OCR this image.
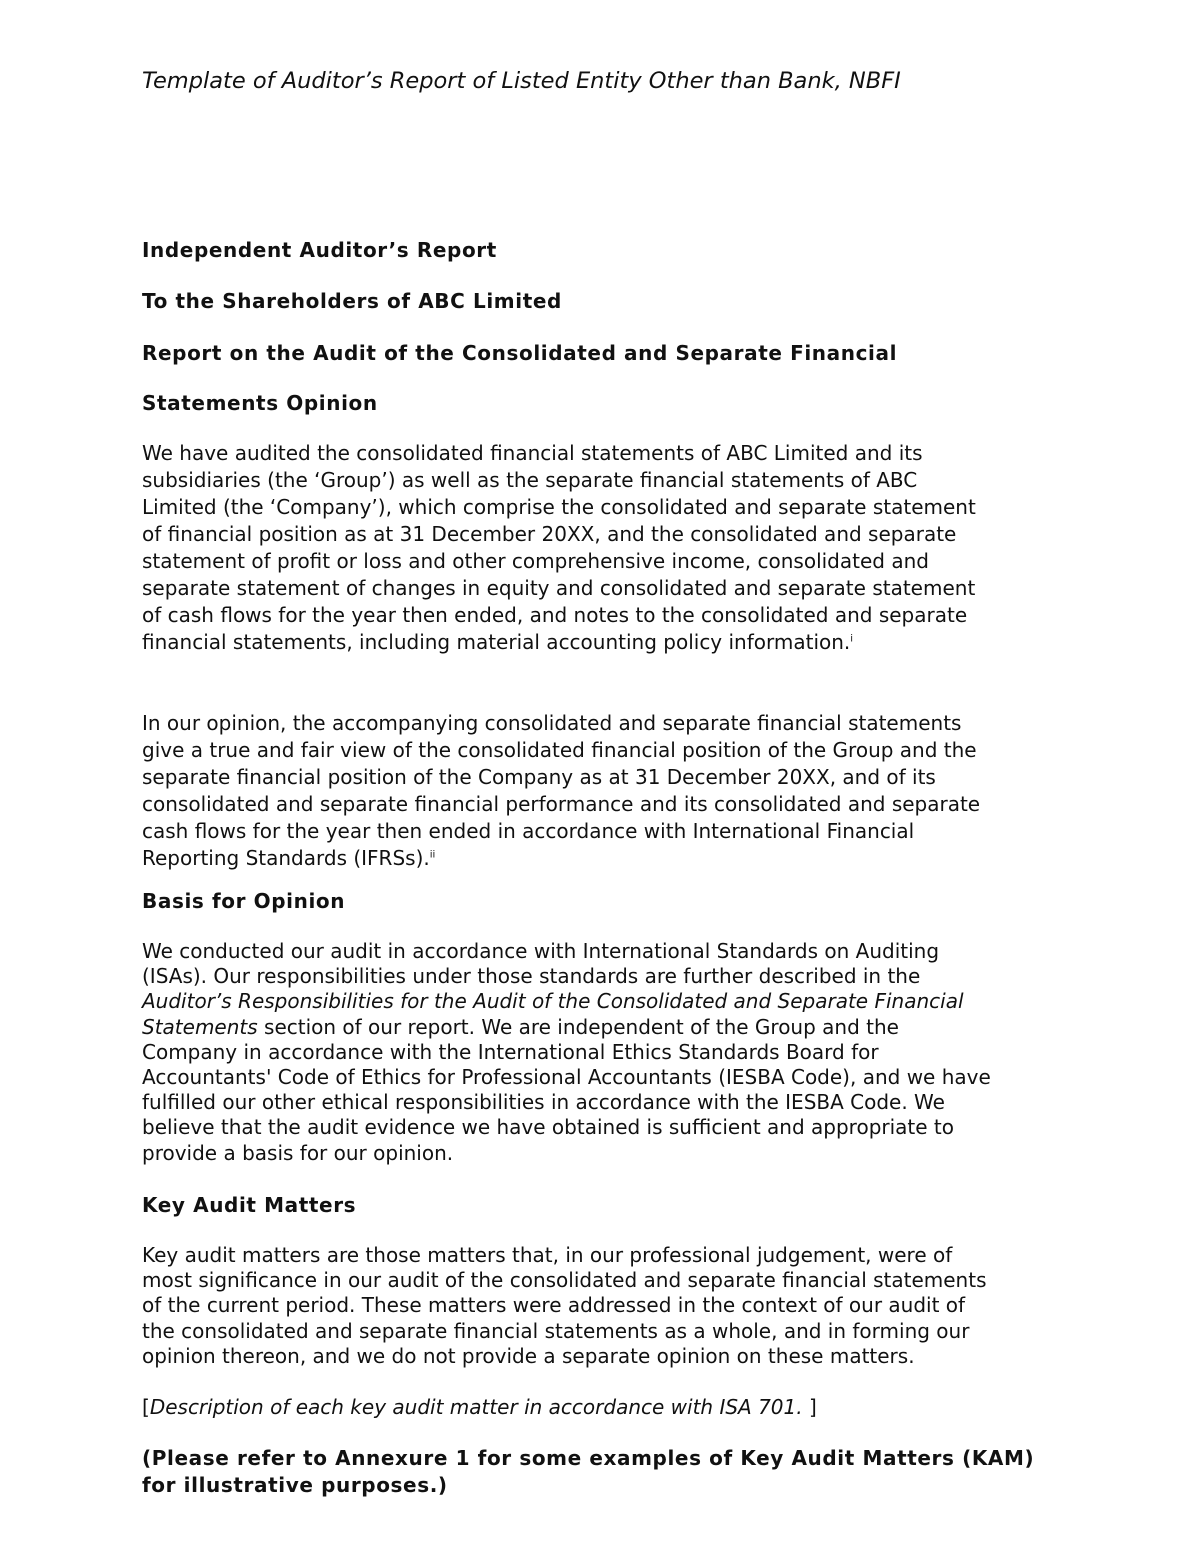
Template of Auditor’s Report of Listed Entity Other than Bank, NBFI
Independent Auditor’s Report
To the Shareholders of ABC Limited
Report on the Audit of the Consolidated and Separate Financial
Statements Opinion
We have audited the consolidated financial statements of ABC Limited and its
subsidiaries (the ‘Group’) as well as the separate financial statements of ABC
Limited (the ‘Company’), which comprise the consolidated and separate statement
of financial position as at 31 December 20XX, and the consolidated and separate
statement of profit or loss and other comprehensive income, consolidated and
separate statement of changes in equity and consolidated and separate statement
of cash flows for the year then ended, and notes to the consolidated and separate
financial statements, including material accounting policy information.$^i$
In our opinion, the accompanying consolidated and separate financial statements
give a true and fair view of the consolidated financial position of the Group and the
separate financial position of the Company as at 31 December 20XX, and of its
consolidated and separate financial performance and its consolidated and separate
cash flows for the year then ended in accordance with International Financial
Reporting Standards (IFRSs).$^{ii}$
Basis for Opinion
We conducted our audit in accordance with International Standards on Auditing
(ISAs). Our responsibilities under those standards are further described in the
Auditor’s Responsibilities for the Audit of the Consolidated and Separate Financial
Statements section of our report. We are independent of the Group and the
Company in accordance with the International Ethics Standards Board for
Accountants' Code of Ethics for Professional Accountants (IESBA Code), and we have
fulfilled our other ethical responsibilities in accordance with the IESBA Code. We
believe that the audit evidence we have obtained is sufficient and appropriate to
provide a basis for our opinion.
Key Audit Matters
Key audit matters are those matters that, in our professional judgement, were of
most significance in our audit of the consolidated and separate financial statements
of the current period. These matters were addressed in the context of our audit of
the consolidated and separate financial statements as a whole, and in forming our
opinion thereon, and we do not provide a separate opinion on these matters.
[Description of each key audit matter in accordance with ISA 701. ]
(Please refer to Annexure 1 for some examples of Key Audit Matters (KAM)
for illustrative purposes.)
